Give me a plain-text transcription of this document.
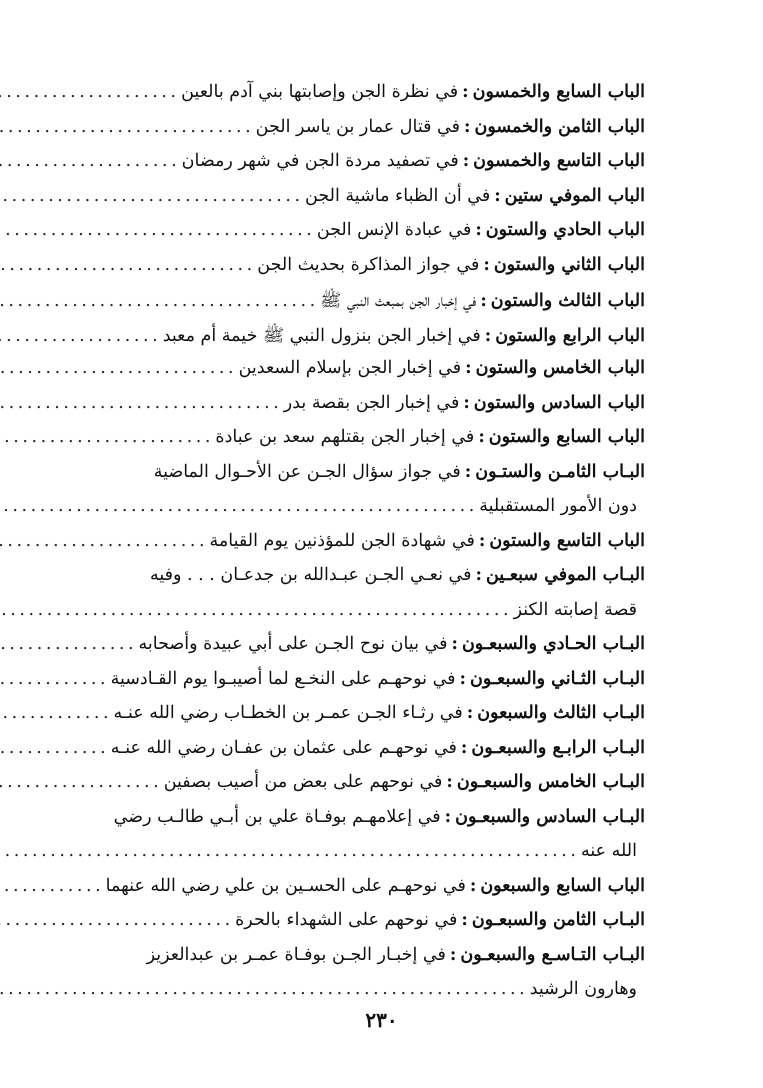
الباب السابع والخمسون
:
في نظرة الجن وإصابتها بني آدم بالعين
. . .
الباب الثامن والخمسون
:
في قتال عمار بن ياسر الجن
. . .
الباب التاسع والخمسون
:
في تصفيد مردة الجن في شهر رمضان
. . .
الباب الموفي ستين
:
في أن الظباء ماشية الجن
. . .
الباب الحادي والستون
:
في عبادة الإنس الجن
. . .
الباب الثاني والستون
:
في جواز المذاكرة بحديث الجن
. . .
الباب الثالث والستون
:
في إخبار الجن بمبعث النبي ﷺ
. . .
الباب الرابع والستون
:
في إخبار الجن بنزول النبي ﷺ خيمة أم معبد
. . .
الباب الخامس والستون
:
في إخبار الجن بإسلام السعدين
. . .
الباب السادس والستون
:
في إخبار الجن بقصة بدر
. . .
الباب السابع والستون
:
في إخبار الجن بقتلهم سعد بن عبادة
. . .
البـاب الثامـن والستـون
:
في جواز سؤال الجـن عن الأحـوال الماضية
دون الأمور المستقبلية
. . .
الباب التاسع والستون
:
في شهادة الجن للمؤذنين يوم القيامة
. . .
البـاب الموفي سبعـين
:
في نعـي الجـن عبـدالله بن جدعـان . . . وفيه
قصة إصابته الكنز
. . .
البـاب الحـادي والسبعـون
:
في بيان نوح الجـن على أبي عبيدة وأصحابه
. . .
البـاب الثـاني والسبعـون
:
في نوحهـم على النخـع لما أصيبـوا يوم القـادسية
. . .
البـاب الثالث والسبعون
:
في رثـاء الجـن عمـر بن الخطـاب رضي الله عنـه
. . .
البـاب الرابـع والسبعـون
:
في نوحهـم على عثمان بن عفـان رضي الله عنـه
. . .
البـاب الخامس والسبعـون
:
في نوحهم على بعض من أصيب بصفين
. . .
البـاب السادس والسبعـون
:
في إعلامهـم بوفـاة علي بن أبـي طالـب رضي
الله عنه
. . .
الباب السابع والسبعون
:
في نوحهـم على الحسـين بن علي رضي الله عنهما
. . .
البـاب الثامن والسبعـون
:
في نوحهم على الشهداء بالحرة
. . .
البـاب التـاسـع والسبعـون
:
في إخبـار الجـن بوفـاة عمـر بن عبدالعزيز
وهارون الرشيد
. . .
٢٣٠
